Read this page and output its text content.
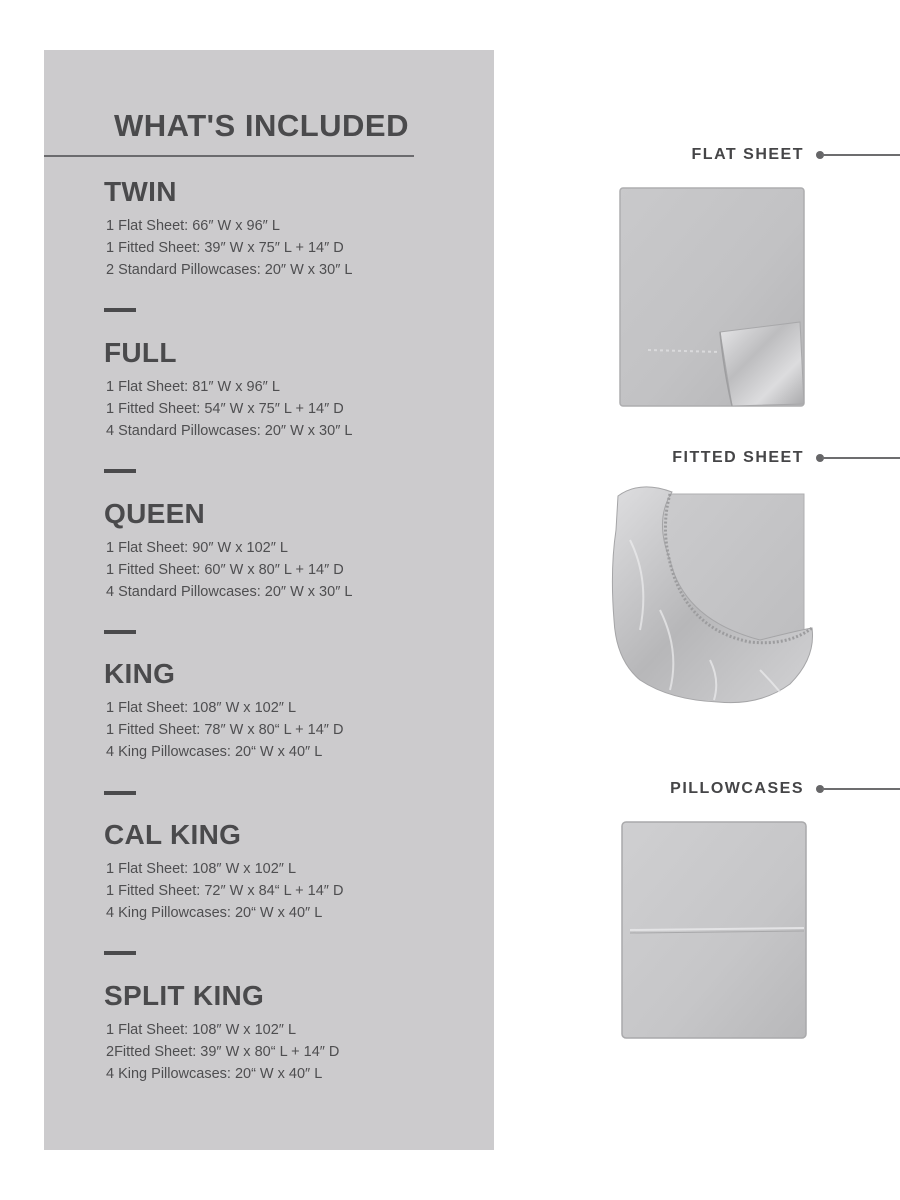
WHAT'S INCLUDED
TWIN
1 Flat Sheet: 66″ W x 96″ L
1 Fitted Sheet: 39″ W x 75″ L + 14″ D
2 Standard Pillowcases: 20″ W x 30″ L
FULL
1 Flat Sheet: 81″ W x 96″ L
1 Fitted Sheet: 54″ W x 75″ L + 14″ D
4 Standard Pillowcases: 20″ W x 30″ L
QUEEN
1 Flat Sheet: 90″ W x 102″ L
1 Fitted Sheet: 60″ W x 80″ L + 14″ D
4 Standard Pillowcases: 20″ W x 30″ L
KING
1 Flat Sheet: 108″ W x 102″ L
1 Fitted Sheet: 78″ W x 80“ L + 14″ D
4 King Pillowcases: 20“ W x 40″ L
CAL KING
1 Flat Sheet: 108″ W x 102″ L
1 Fitted Sheet: 72″ W x 84“ L + 14″ D
4 King Pillowcases: 20“ W x 40″ L
SPLIT KING
1 Flat Sheet: 108″ W x 102″ L
2Fitted Sheet: 39″ W x 80“ L + 14″ D
4 King Pillowcases: 20“ W x 40″ L
FLAT SHEET
FITTED SHEET
PILLOWCASES
